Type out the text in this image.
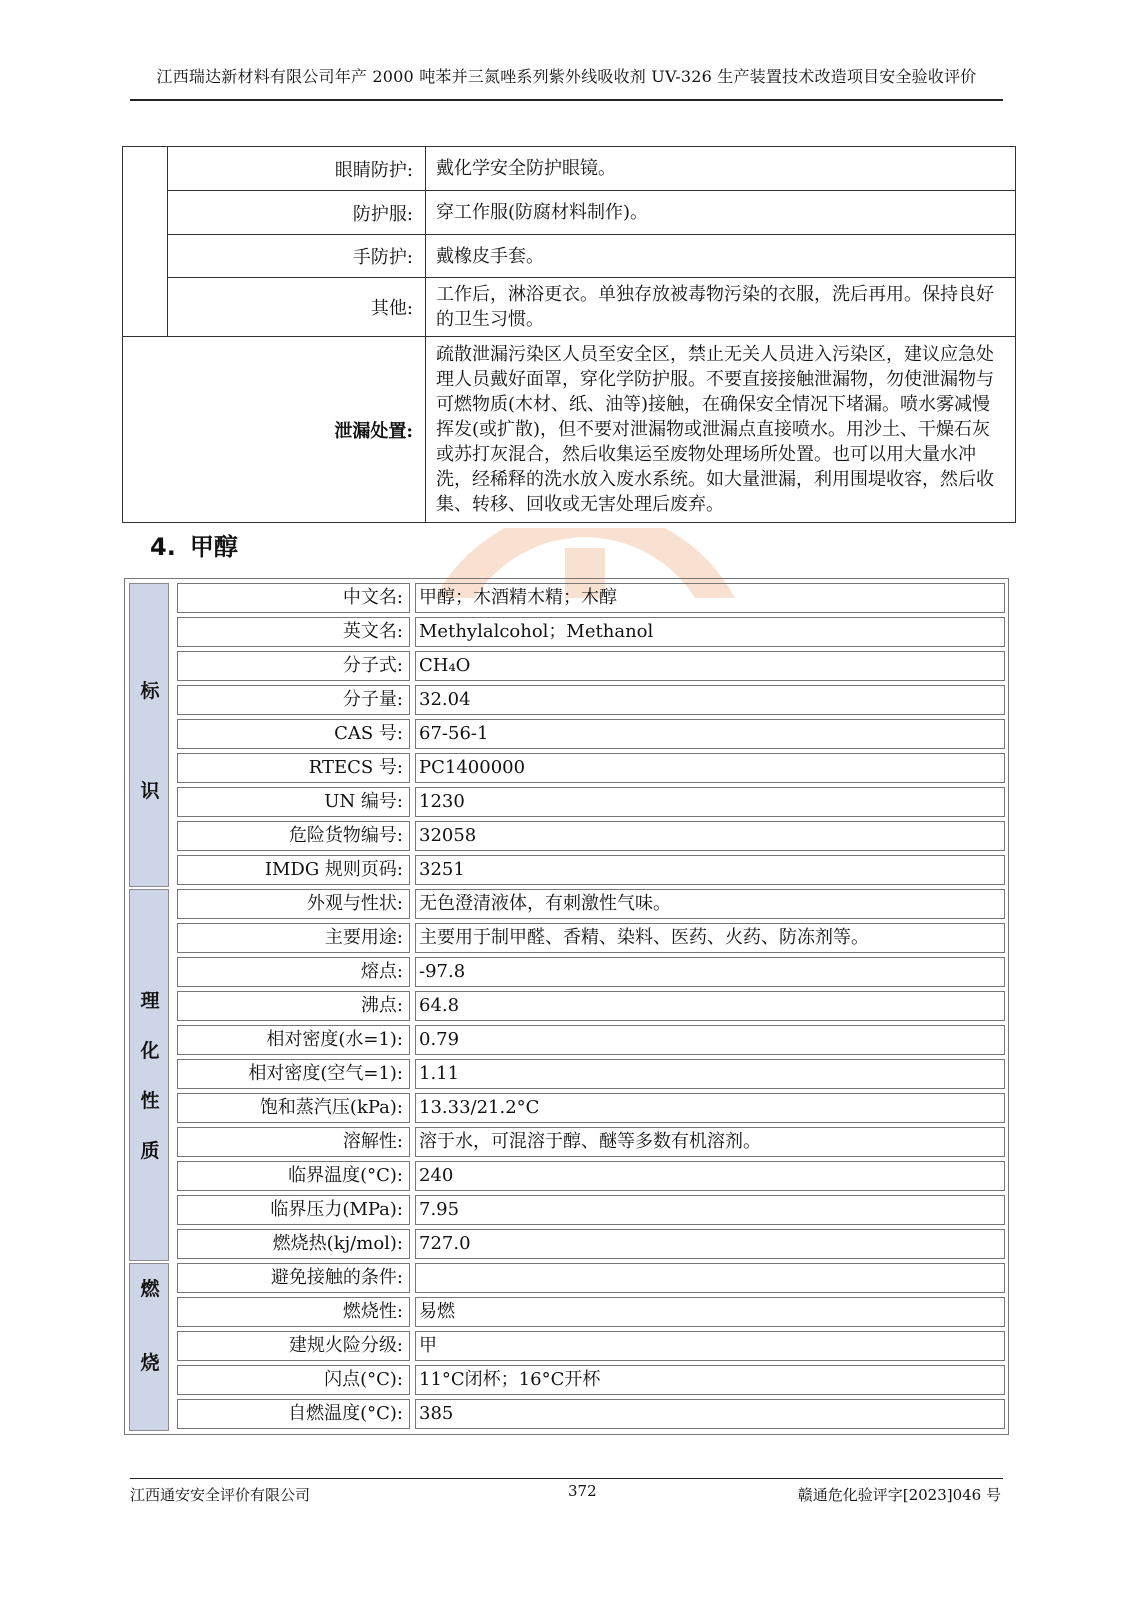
江西瑞达新材料有限公司年产 2000 吨苯并三氮唑系列紫外线吸收剂 UV-326 生产装置技术改造项目安全验收评价
	眼睛防护:	戴化学安全防护眼镜。
	防护服:	穿工作服(防腐材料制作)。
	手防护:	戴橡皮手套。
	其他:	工作后，淋浴更衣。单独存放被毒物污染的衣服，洗后再用。保持良好的卫生习惯。
泄漏处置:		疏散泄漏污染区人员至安全区，禁止无关人员进入污染区，建议应急处理人员戴好面罩，穿化学防护服。不要直接接触泄漏物，勿使泄漏物与可燃物质(木材、纸、油等)接触，在确保安全情况下堵漏。喷水雾减慢挥发(或扩散)，但不要对泄漏物或泄漏点直接喷水。用沙土、干燥石灰或苏打灰混合，然后收集运至废物处理场所处置。也可以用大量水冲洗，经稀释的洗水放入废水系统。如大量泄漏，利用围堤收容，然后收集、转移、回收或无害处理后废弃。
4. 甲醇
标
识
中文名: 甲醇；木酒精木精；木醇
英文名: Methylalcohol；Methanol
分子式: CH₄O
分子量: 32.04
CAS 号: 67-56-1
RTECS 号: PC1400000
UN 编号: 1230
危险货物编号: 32058
IMDG 规则页码: 3251
理
化
性
质
外观与性状: 无色澄清液体，有刺激性气味。
主要用途: 主要用于制甲醛、香精、染料、医药、火药、防冻剂等。
熔点: -97.8
沸点: 64.8
相对密度(水=1): 0.79
相对密度(空气=1): 1.11
饱和蒸汽压(kPa): 13.33/21.2°C
溶解性: 溶于水，可混溶于醇、醚等多数有机溶剂。
临界温度(°C): 240
临界压力(MPa): 7.95
燃烧热(kj/mol): 727.0
燃
烧
避免接触的条件:
燃烧性: 易燃
建规火险分级: 甲
闪点(°C): 11°C闭杯；16°C开杯
自燃温度(°C): 385
江西通安安全评价有限公司	372	赣通危化验评字[2023]046 号
